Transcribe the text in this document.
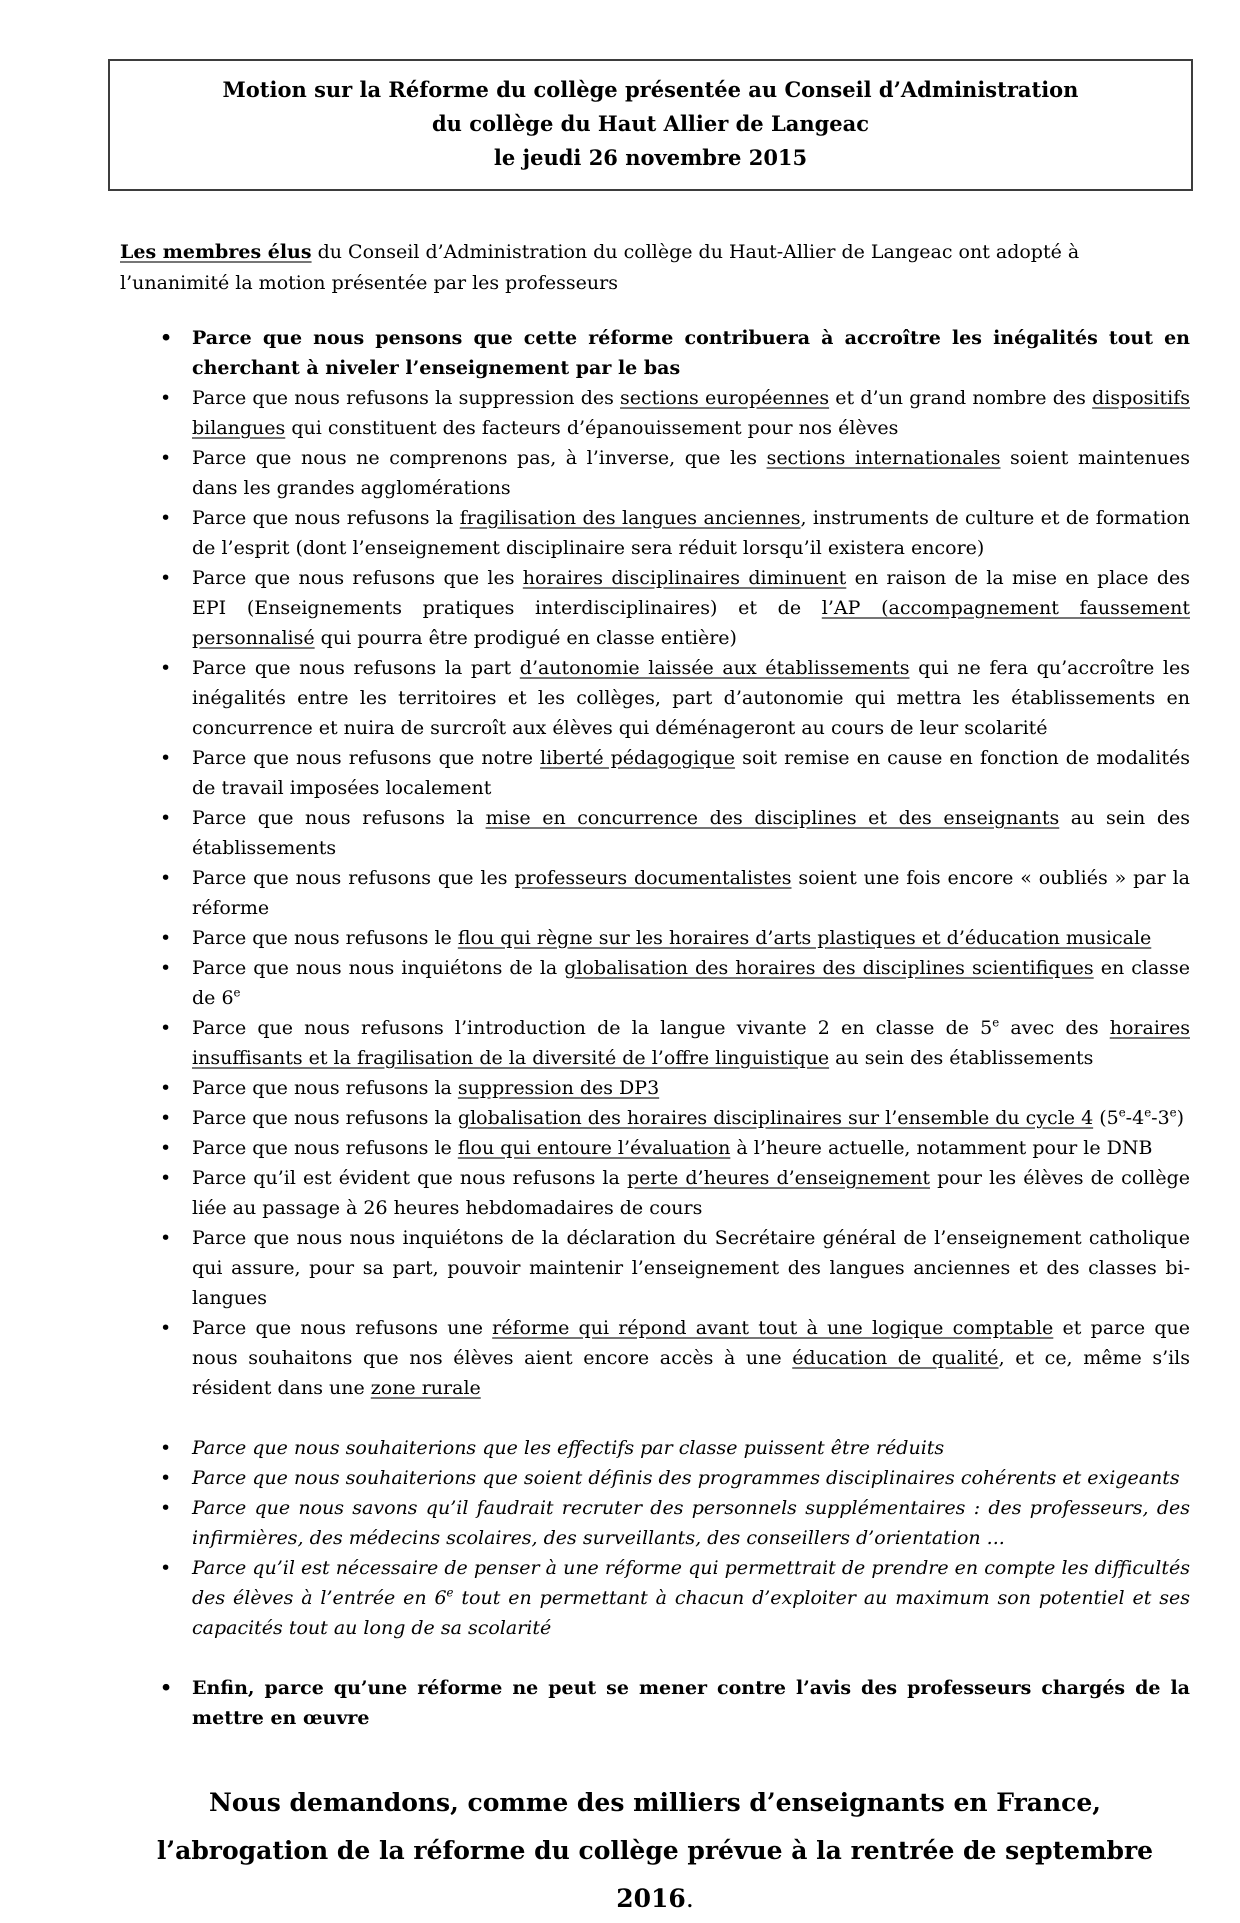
Motion sur la Réforme du collège présentée au Conseil d’Administration
du collège du Haut Allier de Langeac
le jeudi 26 novembre 2015

Les membres élus du Conseil d’Administration du collège du Haut-Allier de Langeac ont adopté à l’unanimité la motion présentée par les professeurs

• Parce que nous pensons que cette réforme contribuera à accroître les inégalités tout en cherchant à niveler l’enseignement par le bas
• Parce que nous refusons la suppression des sections européennes et d’un grand nombre des dispositifs bilangues qui constituent des facteurs d’épanouissement pour nos élèves
• Parce que nous ne comprenons pas, à l’inverse, que les sections internationales soient maintenues dans les grandes agglomérations
• Parce que nous refusons la fragilisation des langues anciennes, instruments de culture et de formation de l’esprit (dont l’enseignement disciplinaire sera réduit lorsqu’il existera encore)
• Parce que nous refusons que les horaires disciplinaires diminuent en raison de la mise en place des EPI (Enseignements pratiques interdisciplinaires) et de l’AP (accompagnement faussement personnalisé qui pourra être prodigué en classe entière)
• Parce que nous refusons la part d’autonomie laissée aux établissements qui ne fera qu’accroître les inégalités entre les territoires et les collèges, part d’autonomie qui mettra les établissements en concurrence et nuira de surcroît aux élèves qui déménageront au cours de leur scolarité
• Parce que nous refusons que notre liberté pédagogique soit remise en cause en fonction de modalités de travail imposées localement
• Parce que nous refusons la mise en concurrence des disciplines et des enseignants au sein des établissements
• Parce que nous refusons que les professeurs documentalistes soient une fois encore « oubliés » par la réforme
• Parce que nous refusons le flou qui règne sur les horaires d’arts plastiques et d’éducation musicale
• Parce que nous nous inquiétons de la globalisation des horaires des disciplines scientifiques en classe de 6e
• Parce que nous refusons l’introduction de la langue vivante 2 en classe de 5e avec des horaires insuffisants et la fragilisation de la diversité de l’offre linguistique au sein des établissements
• Parce que nous refusons la suppression des DP3
• Parce que nous refusons la globalisation des horaires disciplinaires sur l’ensemble du cycle 4 (5e-4e-3e)
• Parce que nous refusons le flou qui entoure l’évaluation à l’heure actuelle, notamment pour le DNB
• Parce qu’il est évident que nous refusons la perte d’heures d’enseignement pour les élèves de collège liée au passage à 26 heures hebdomadaires de cours
• Parce que nous nous inquiétons de la déclaration du Secrétaire général de l’enseignement catholique qui assure, pour sa part, pouvoir maintenir l’enseignement des langues anciennes et des classes bi-langues
• Parce que nous refusons une réforme qui répond avant tout à une logique comptable et parce que nous souhaitons que nos élèves aient encore accès à une éducation de qualité, et ce, même s’ils résident dans une zone rurale
• Parce que nous souhaiterions que les effectifs par classe puissent être réduits
• Parce que nous souhaiterions que soient définis des programmes disciplinaires cohérents et exigeants
• Parce que nous savons qu’il faudrait recruter des personnels supplémentaires : des professeurs, des infirmières, des médecins scolaires, des surveillants, des conseillers d’orientation ...
• Parce qu’il est nécessaire de penser à une réforme qui permettrait de prendre en compte les difficultés des élèves à l’entrée en 6e tout en permettant à chacun d’exploiter au maximum son potentiel et ses capacités tout au long de sa scolarité
• Enfin, parce qu’une réforme ne peut se mener contre l’avis des professeurs chargés de la mettre en œuvre

Nous demandons, comme des milliers d’enseignants en France, l’abrogation de la réforme du collège prévue à la rentrée de septembre 2016.
